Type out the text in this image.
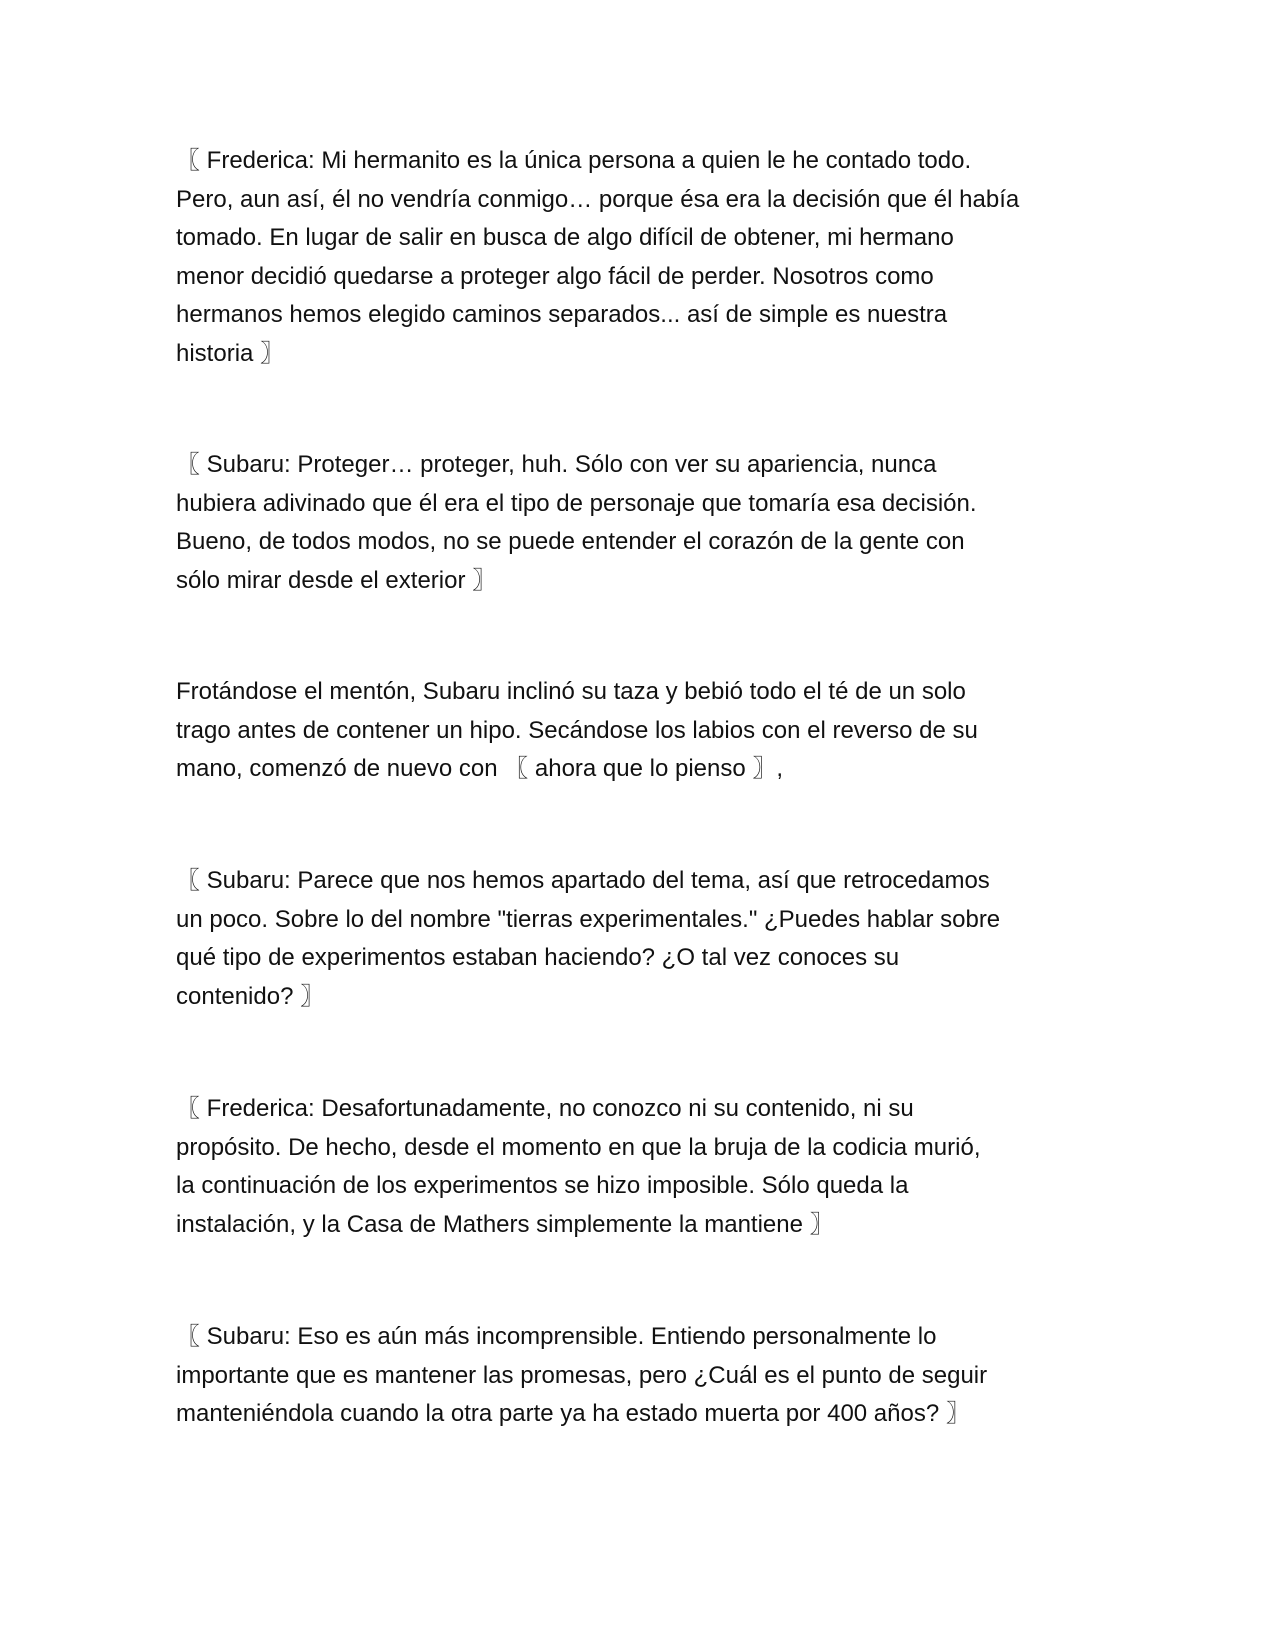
〖 Frederica: Mi hermanito es la única persona a quien le he contado todo.
Pero, aun así, él no vendría conmigo… porque ésa era la decisión que él había
tomado. En lugar de salir en busca de algo difícil de obtener, mi hermano
menor decidió quedarse a proteger algo fácil de perder. Nosotros como
hermanos hemos elegido caminos separados... así de simple es nuestra
historia 〗

〖 Subaru: Proteger… proteger, huh. Sólo con ver su apariencia, nunca
hubiera adivinado que él era el tipo de personaje que tomaría esa decisión.
Bueno, de todos modos, no se puede entender el corazón de la gente con
sólo mirar desde el exterior 〗

Frotándose el mentón, Subaru inclinó su taza y bebió todo el té de un solo
trago antes de contener un hipo. Secándose los labios con el reverso de su
mano, comenzó de nuevo con 〖 ahora que lo pienso 〗,

〖 Subaru: Parece que nos hemos apartado del tema, así que retrocedamos
un poco. Sobre lo del nombre "tierras experimentales." ¿Puedes hablar sobre
qué tipo de experimentos estaban haciendo? ¿O tal vez conoces su
contenido? 〗

〖 Frederica: Desafortunadamente, no conozco ni su contenido, ni su
propósito. De hecho, desde el momento en que la bruja de la codicia murió,
la continuación de los experimentos se hizo imposible. Sólo queda la
instalación, y la Casa de Mathers simplemente la mantiene 〗

〖 Subaru: Eso es aún más incomprensible. Entiendo personalmente lo
importante que es mantener las promesas, pero ¿Cuál es el punto de seguir
manteniéndola cuando la otra parte ya ha estado muerta por 400 años? 〗
